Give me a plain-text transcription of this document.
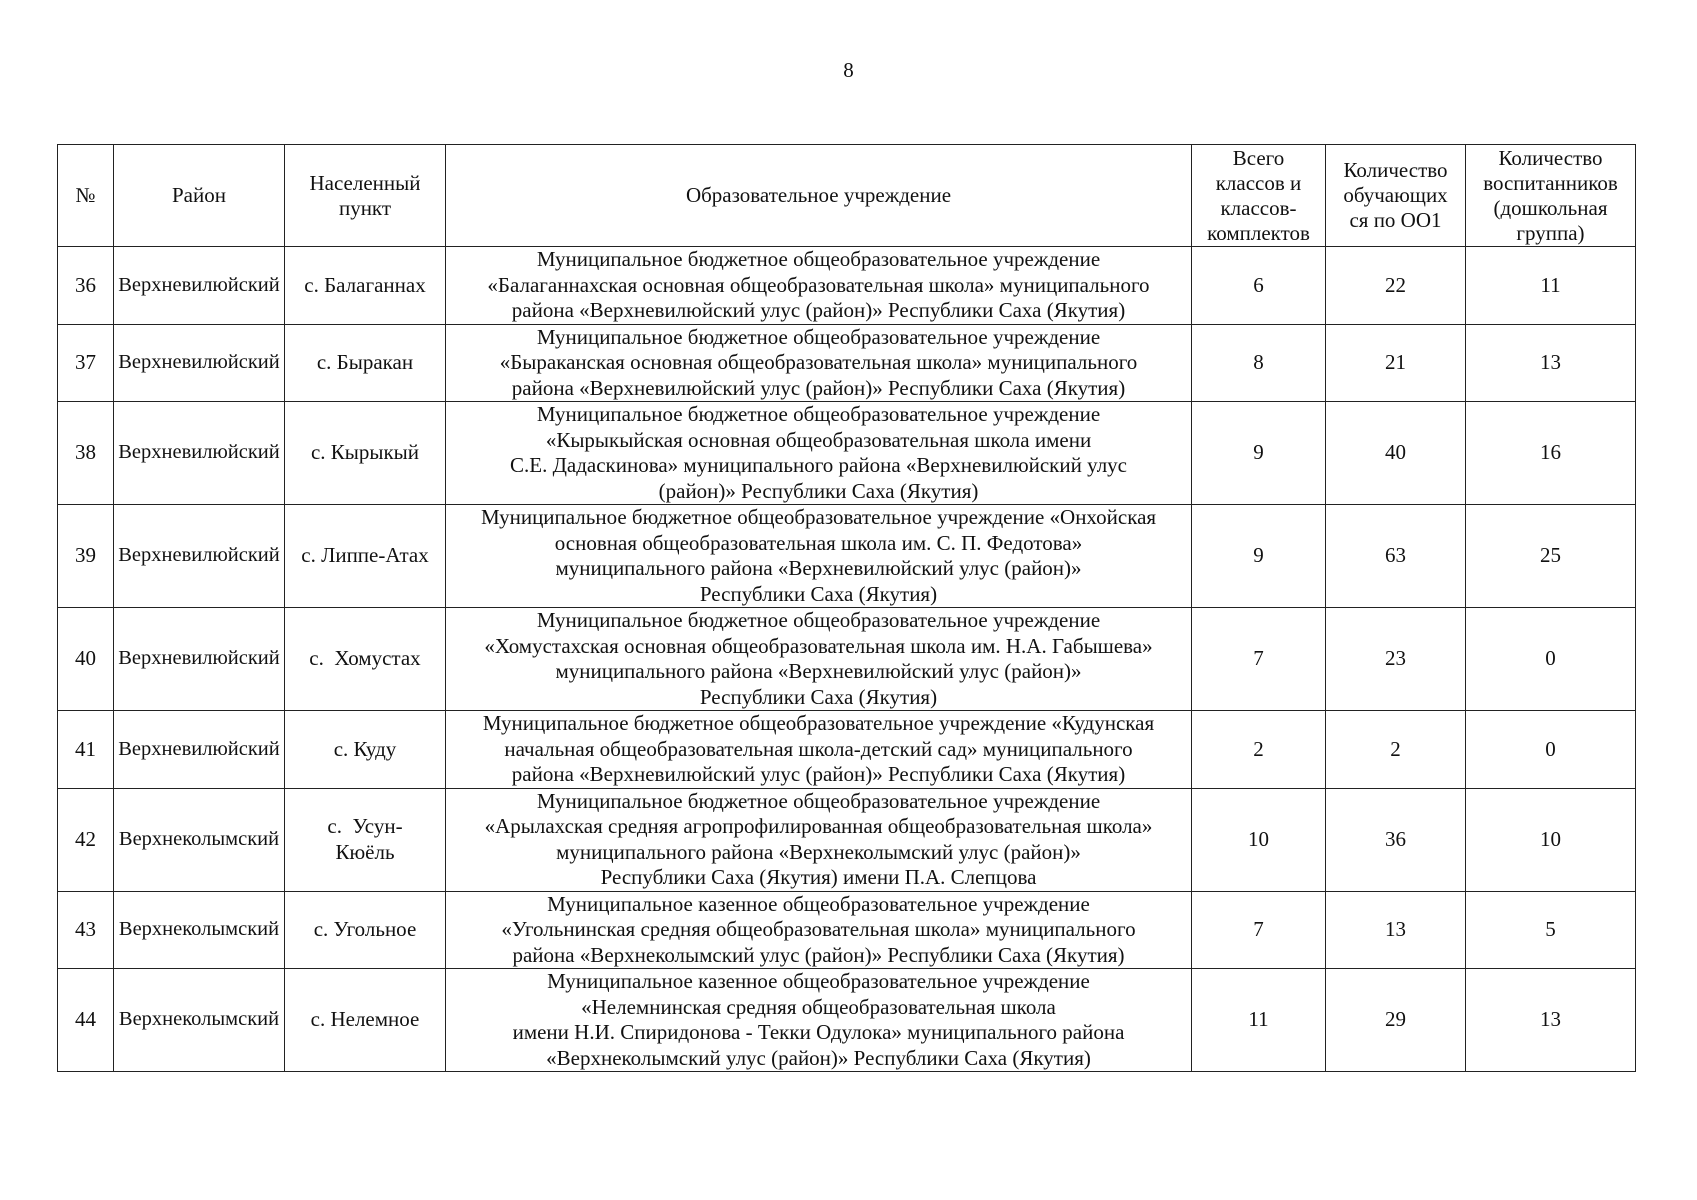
8
№	Район	Населенный
пункт	Образовательное учреждение	Всего
классов и
классов-
комплектов	Количество
обучающих
ся по ОО1	Количество
воспитанников
(дошкольная
группа)

36	Верхневилюйский	с. Балаганнах	Муниципальное бюджетное общеобразовательное учреждение
«Балаганнахская основная общеобразовательная школа» муниципального
района «Верхневилюйский улус (район)» Республики Саха (Якутия)	6	22	11
37	Верхневилюйский	с. Быракан	Муниципальное бюджетное общеобразовательное учреждение
«Быраканская основная общеобразовательная школа» муниципального
района «Верхневилюйский улус (район)» Республики Саха (Якутия)	8	21	13
38	Верхневилюйский	с. Кырыкый	Муниципальное бюджетное общеобразовательное учреждение
«Кырыкыйская основная общеобразовательная школа имени
С.Е. Дадаскинова» муниципального района «Верхневилюйский улус
(район)» Республики Саха (Якутия)	9	40	16
39	Верхневилюйский	с. Липпе-Атах	Муниципальное бюджетное общеобразовательное учреждение «Онхойская
основная общеобразовательная школа им. С. П. Федотова»
муниципального района «Верхневилюйский улус (район)»
Республики Саха (Якутия)	9	63	25
40	Верхневилюйский	с.  Хомустах	Муниципальное бюджетное общеобразовательное учреждение
«Хомустахская основная общеобразовательная школа им. Н.А. Габышева»
муниципального района «Верхневилюйский улус (район)»
Республики Саха (Якутия)	7	23	0
41	Верхневилюйский	с. Куду	Муниципальное бюджетное общеобразовательное учреждение «Кудунская
начальная общеобразовательная школа-детский сад» муниципального
района «Верхневилюйский улус (район)» Республики Саха (Якутия)	2	2	0
42	Верхнеколымский	с.  Усун-
Кюёль	Муниципальное бюджетное общеобразовательное учреждение
«Арылахская средняя агропрофилированная общеобразовательная школа»
муниципального района «Верхнеколымский улус (район)»
Республики Саха (Якутия) имени П.А. Слепцова	10	36	10
43	Верхнеколымский	с. Угольное	Муниципальное казенное общеобразовательное учреждение
«Угольнинская средняя общеобразовательная школа» муниципального
района «Верхнеколымский улус (район)» Республики Саха (Якутия)	7	13	5
44	Верхнеколымский	с. Нелемное	Муниципальное казенное общеобразовательное учреждение
«Нелемнинская средняя общеобразовательная школа
имени Н.И. Спиридонова - Текки Одулока» муниципального района
«Верхнеколымский улус (район)» Республики Саха (Якутия)	11	29	13
